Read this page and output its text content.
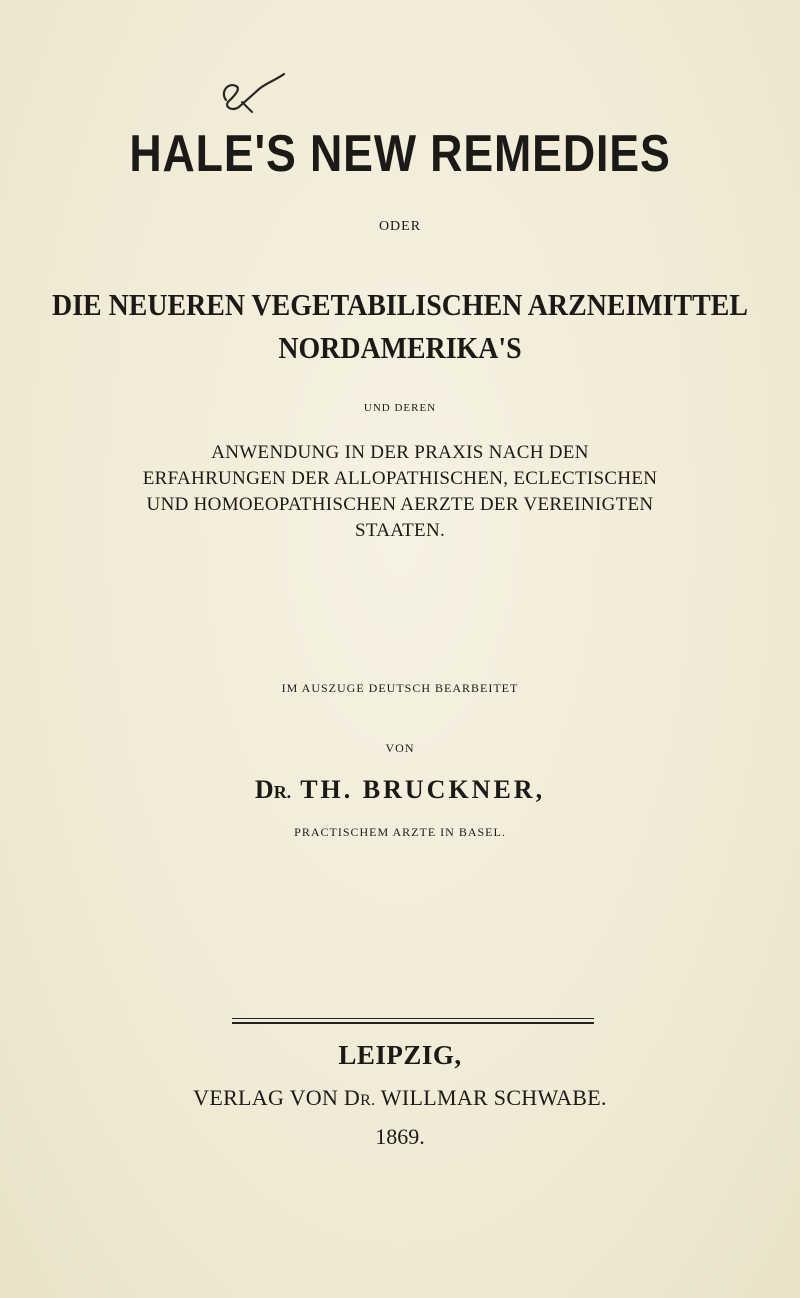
HALE'S NEW REMEDIES
ODER
DIE NEUEREN VEGETABILISCHEN ARZNEIMITTEL
NORDAMERIKA'S
UND DEREN
ANWENDUNG IN DER PRAXIS NACH DEN
ERFAHRUNGEN DER ALLOPATHISCHEN, ECLECTISCHEN
UND HOMOEOPATHISCHEN AERZTE DER VEREINIGTEN
STAATEN.
IM AUSZUGE DEUTSCH BEARBEITET
VON
DR. TH. BRUCKNER,
PRACTISCHEM ARZTE IN BASEL.
LEIPZIG,
VERLAG VON DR. WILLMAR SCHWABE.
1869.
